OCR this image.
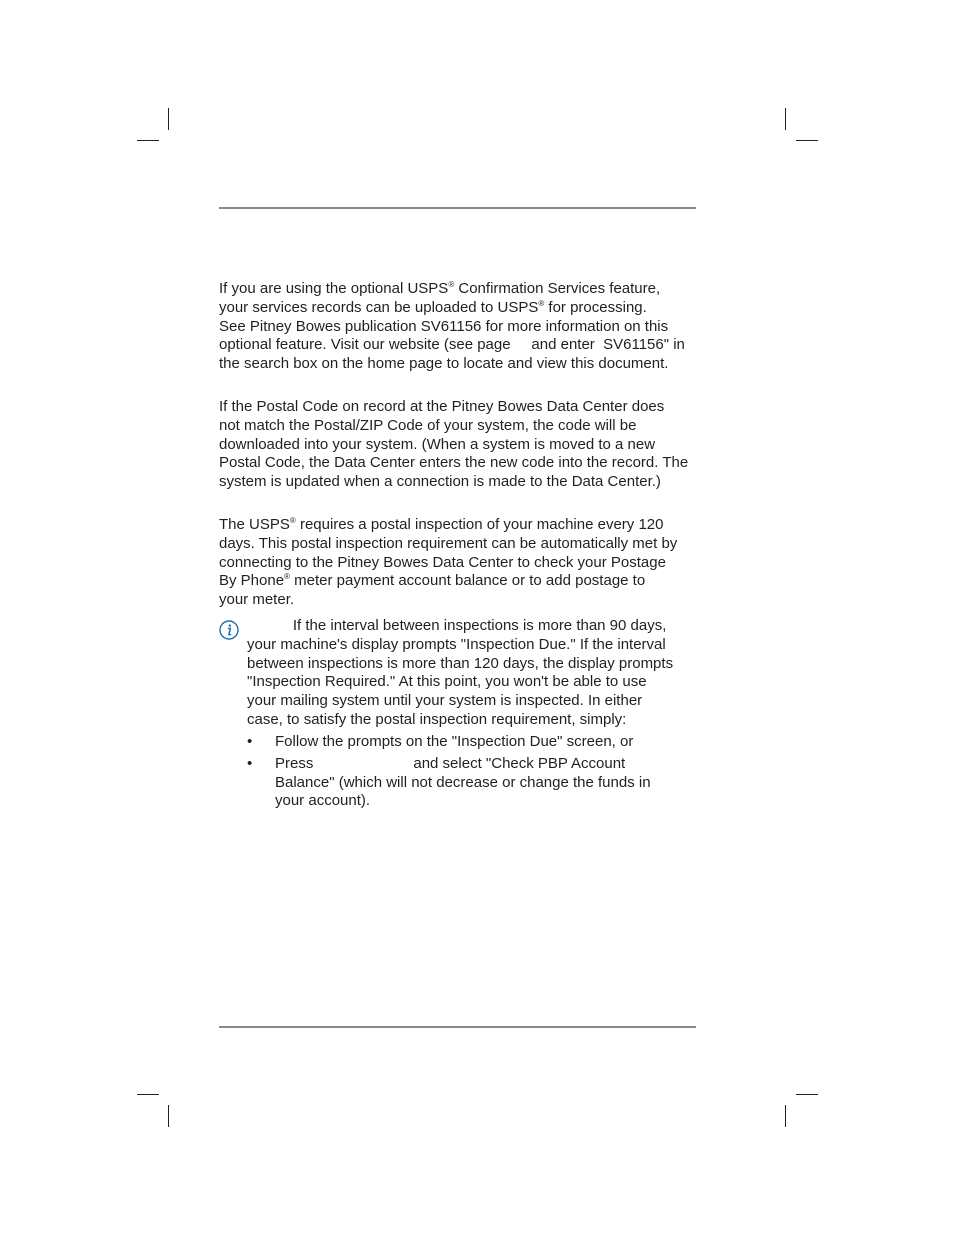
If you are using the optional USPS® Confirmation Services feature,
your services records can be uploaded to USPS® for processing.
See Pitney Bowes publication SV61156 for more information on this
optional feature. Visit our website (see page     and enter  SV61156" in
the search box on the home page to locate and view this document.

If the Postal Code on record at the Pitney Bowes Data Center does
not match the Postal/ZIP Code of your system, the code will be
downloaded into your system. (When a system is moved to a new
Postal Code, the Data Center enters the new code into the record. The
system is updated when a connection is made to the Data Center.)

The USPS® requires a postal inspection of your machine every 120
days. This postal inspection requirement can be automatically met by
connecting to the Pitney Bowes Data Center to check your Postage
By Phone® meter payment account balance or to add postage to
your meter.

If the interval between inspections is more than 90 days,
your machine's display prompts "Inspection Due." If the interval
between inspections is more than 120 days, the display prompts
"Inspection Required." At this point, you won't be able to use
your mailing system until your system is inspected. In either
case, to satisfy the postal inspection requirement, simply:
• Follow the prompts on the "Inspection Due" screen, or
• Press                        and select "Check PBP Account
Balance" (which will not decrease or change the funds in
your account).
